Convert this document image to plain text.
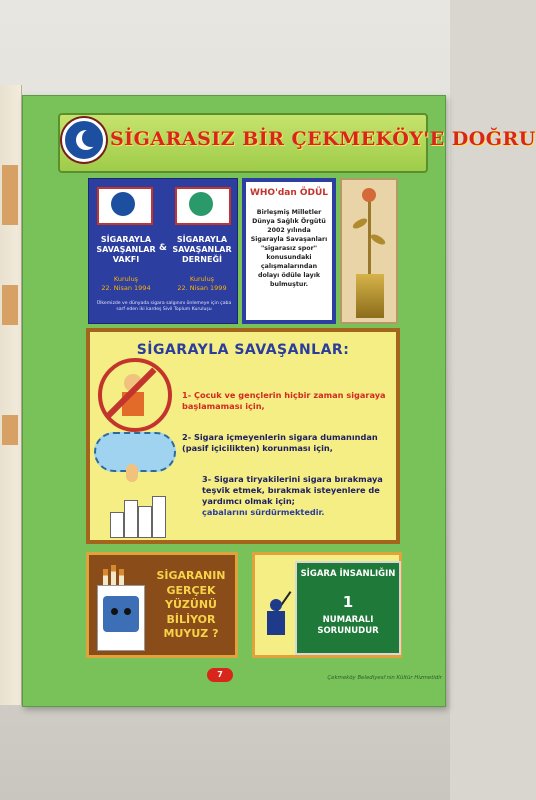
SİGARASIZ BİR ÇEKMEKÖY'E DOĞRU
SİGARAYLA SAVAŞANLAR VAKFI
&
SİGARAYLA SAVAŞANLAR DERNEĞİ
Kuruluş
22. Nisan 1994
Kuruluş
22. Nisan 1999
Ülkemizde ve dünyada sigara salgınını önlemeye için çaba sarf eden iki kardeş Sivil Toplum Kuruluşu
WHO'dan ÖDÜL
Birleşmiş Milletler Dünya Sağlık Örgütü 2002 yılında Sigarayla Savaşanları "sigarasız spor" konusundaki çalışmalarından dolayı ödüle layık bulmuştur.
SİGARAYLA SAVAŞANLAR:
1- Çocuk ve gençlerin hiçbir zaman sigaraya başlamaması için,
2- Sigara içmeyenlerin sigara dumanından (pasif içicilikten) korunması için,
3- Sigara tiryakilerini sigara bırakmaya teşvik etmek, bırakmak isteyenlere de yardımcı olmak için;
çabalarını sürdürmektedir.
SİGARANIN GERÇEK YÜZÜNÜ BİLİYOR MUYUZ ?
SİGARA İNSANLIĞIN
1
NUMARALI SORUNUDUR
7	Çekmeköy Belediyesi'nin Kültür Hizmetidir
